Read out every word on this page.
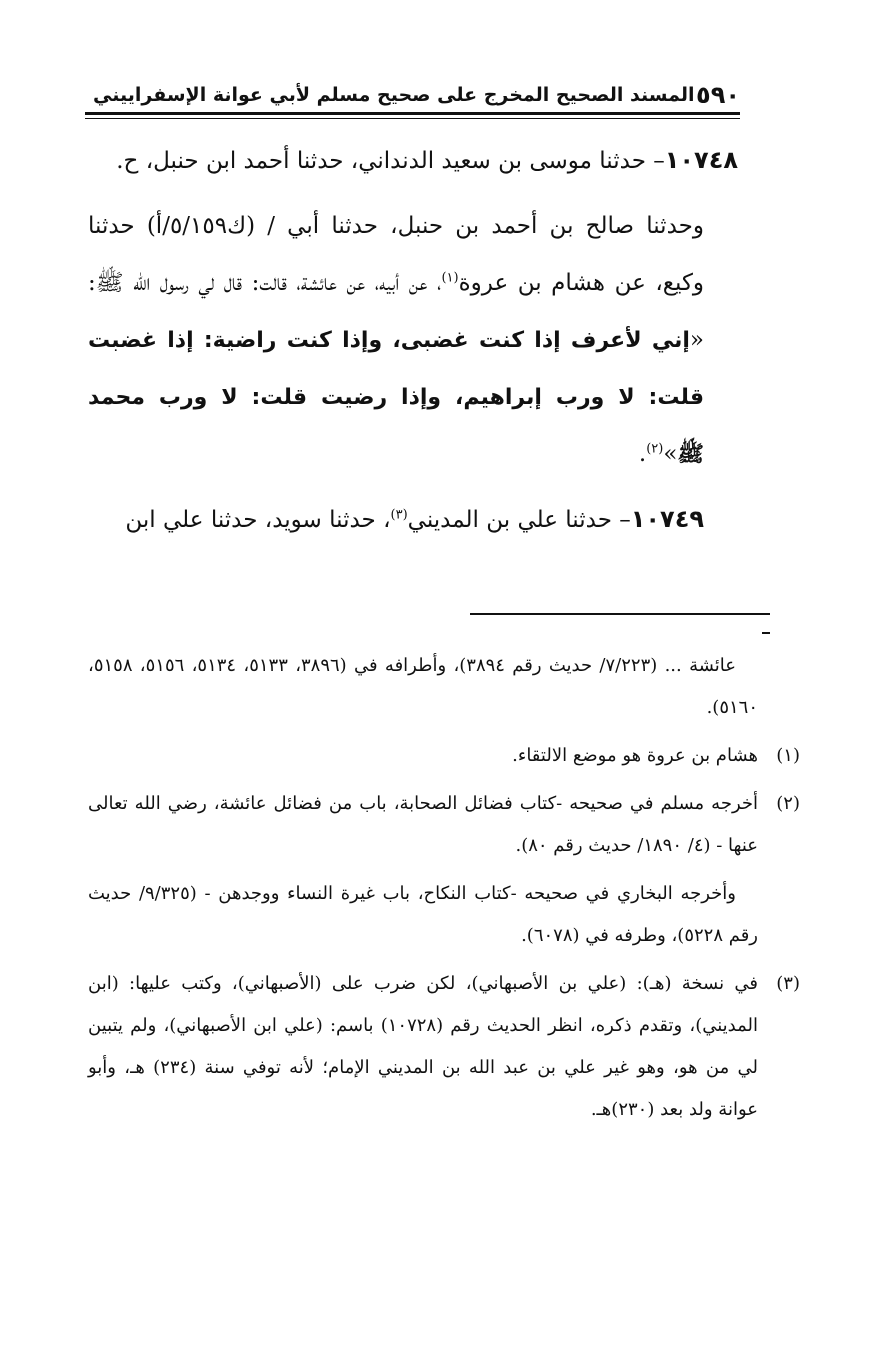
٥٩٠
المسند الصحيح المخرج على صحيح مسلم لأبي عوانة الإسفراييني

١٠٧٤٨– حدثنا موسى بن سعيد الدنداني، حدثنا أحمد ابن حنبل، ح.

وحدثنا صالح بن أحمد بن حنبل، حدثنا أبي / (ك٥/١٥٩/أ) حدثنا وكيع، عن هشام بن عروة$^{(١)}$، عن أبيه، عن عائشة، قالت: قال لي رسول الله ﷺ: «إني لأعرف إذا كنت غضبى، وإذا كنت راضية: إذا غضبت قلت: لا ورب إبراهيم، وإذا رضيت قلت: لا ورب محمد ﷺ»$^{(٢)}$.

١٠٧٤٩– حدثنا علي بن المديني$^{(٣)}$، حدثنا سويد، حدثنا علي ابن

عائشة ... (٧/٢٢٣/ حديث رقم ٣٨٩٤)، وأطرافه في (٣٨٩٦، ٥١٣٣، ٥١٣٤، ٥١٥٦، ٥١٥٨، ٥١٦٠).

(١)
هشام بن عروة هو موضع الالتقاء.

(٢)
أخرجه مسلم في صحيحه -كتاب فضائل الصحابة، باب من فضائل عائشة، رضي الله تعالى عنها - (٤/ ١٨٩٠/ حديث رقم ٨٠).

وأخرجه البخاري في صحيحه -كتاب النكاح، باب غيرة النساء ووجدهن - (٩/٣٢٥/ حديث رقم ٥٢٢٨)، وطرفه في (٦٠٧٨).

(٣)
في نسخة (هـ): (علي بن الأصبهاني)، لكن ضرب على (الأصبهاني)، وكتب عليها: (ابن المديني)، وتقدم ذكره، انظر الحديث رقم (١٠٧٢٨) باسم: (علي ابن الأصبهاني)، ولم يتبين لي من هو، وهو غير علي بن عبد الله بن المديني الإمام؛ لأنه توفي سنة (٢٣٤) هـ، وأبو عوانة ولد بعد (٢٣٠)هـ.
